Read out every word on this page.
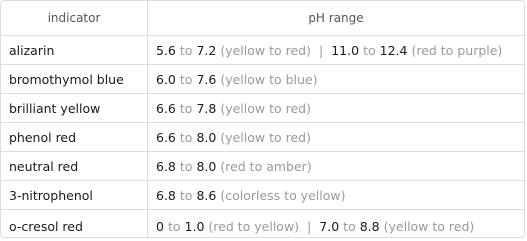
indicator	pH range
alizarin	5.6 to 7.2 (yellow to red) | 11.0 to 12.4 (red to purple)
bromothymol blue	6.0 to 7.6 (yellow to blue)
brilliant yellow	6.6 to 7.8 (yellow to red)
phenol red	6.6 to 8.0 (yellow to red)
neutral red	6.8 to 8.0 (red to amber)
3-nitrophenol	6.8 to 8.6 (colorless to yellow)
o-cresol red	0 to 1.0 (red to yellow) | 7.0 to 8.8 (yellow to red)
